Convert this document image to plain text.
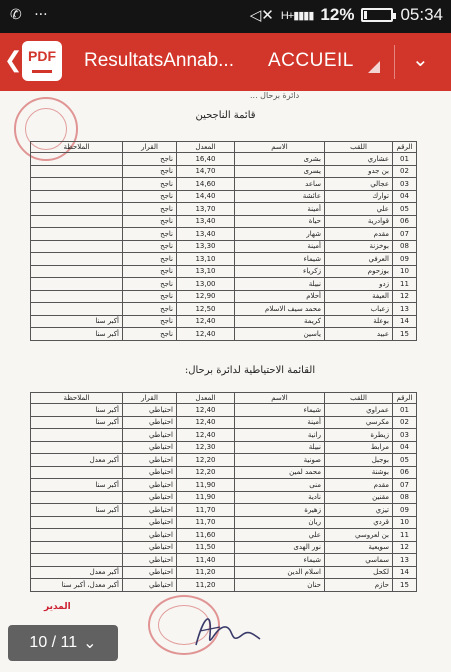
✆ ···	◁✕ H+▮▮▮▮ 12%	05:34
❮ PDF	ResultatsAnnab... ACCUEIL	⌄
دائرة برحال ...
قائمة الناجحين
الرقم	اللقب	الاسم	المعدل	القرار	الملاحظة
01	عشاري	بشرى	16,40	ناجح	
02	بن جدو	يسرى	14,70	ناجح	
03	عجالي	ساعد	14,60	ناجح	
04	توارك	عائشة	14,40	ناجح	
05	علي	أمينة	13,70	ناجح	
06	قوادرية	حياة	13,40	ناجح	
07	مقدم	شهار	13,40	ناجح	
08	بوخزنة	أمينة	13,30	ناجح	
09	العرفي	شيماء	13,10	ناجح	
10	بوزحوم	زكرياء	13,10	ناجح	
11	زدو	نبيلة	13,00	ناجح	
12	العيفة	أحلام	12,90	ناجح	
13	زعباب	محمد سيف الاسلام	12,50	ناجح	
14	بوعلة	كريمة	12,40	ناجح	أكبر سنا
15	عبيد	ياسين	12,40	ناجح	أكبر سنا
القائمة الاحتياطية لدائرة برحال:
الرقم	اللقب	الاسم	المعدل	القرار	الملاحظة
01	عمراوي	شيماء	12,40	احتياطي	أكبر سنا
02	مكرسي	أمينة	12,40	احتياطي	أكبر سنا
03	زيطرة	رانية	12,40	احتياطي	
04	مرابط	نبيلة	12,30	احتياطي	
05	بوجبل	صونية	12,20	احتياطي	أكبر معدل
06	بوشنة	محمد لمين	12,20	احتياطي	
07	مقدم	منى	11,90	احتياطي	أكبر سنا
08	مقنين	نادية	11,90	احتياطي	
09	تيزي	زهيرة	11,70	احتياطي	أكبر سنا
10	قردي	ريان	11,70	احتياطي	
11	بن لعروسي	علي	11,60	احتياطي	
12	سويعية	نور الهدى	11,50	احتياطي	
13	سماسي	شيماء	11,40	احتياطي	
14	لكحل	اسلام الدين	11,20	احتياطي	أكبر معدل
15	حازم	حنان	11,20	احتياطي	أكبر معدل، أكبر سنا
المدير
10 / 11 ⌄
